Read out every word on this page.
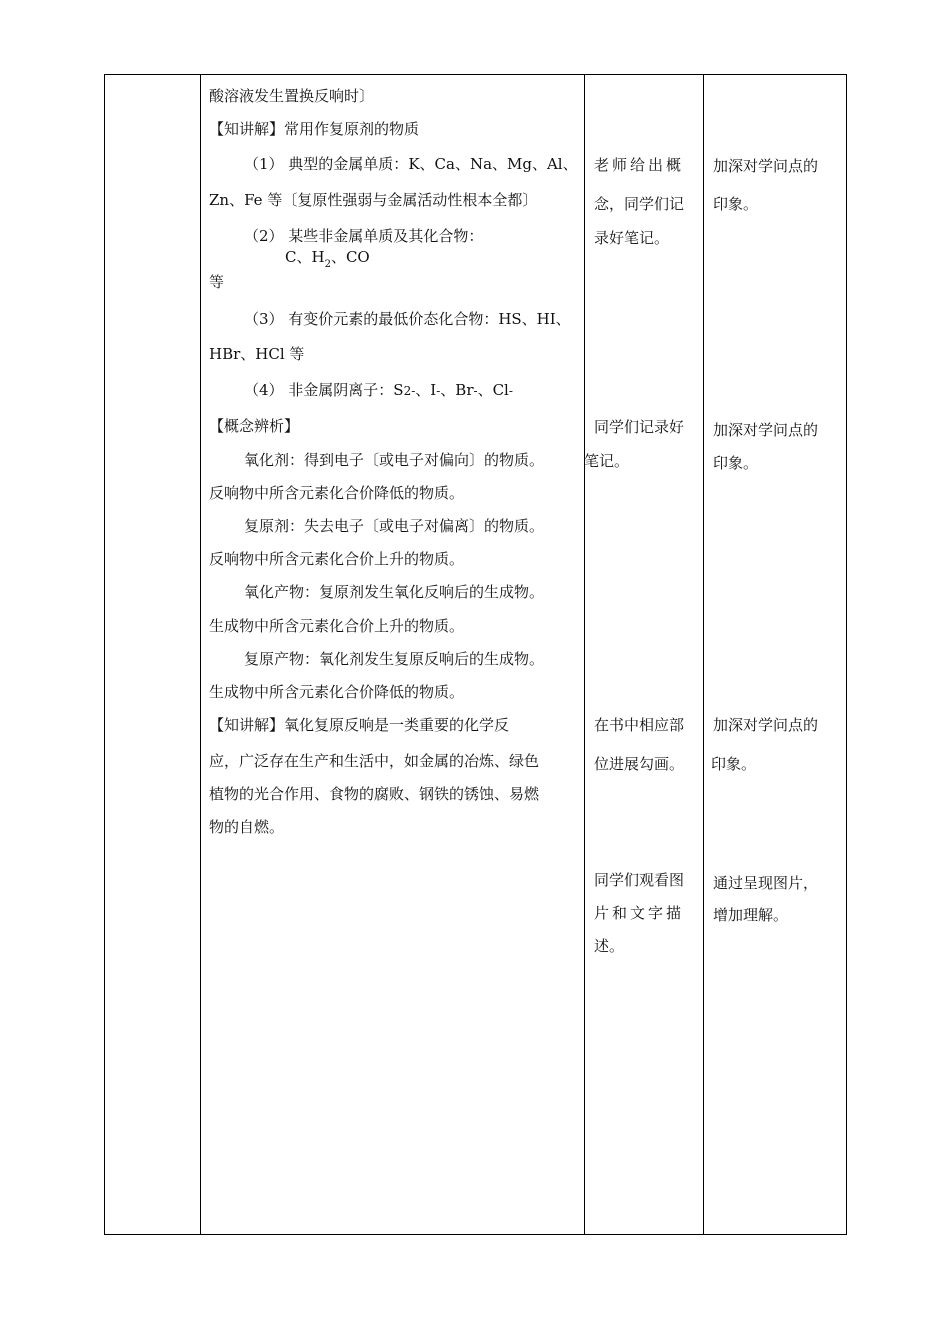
酸溶液发生置换反响时〕
【知讲解】常用作复原剂的物质
（1） 典型的金属单质：K、Ca、Na、Mg、Al、
Zn、Fe 等〔复原性强弱与金属活动性根本全都〕
（2） 某些非金属单质及其化合物：
C、$H_2$、CO
等
（3） 有变价元素的最低价态化合物：HS、HI、
HBr、HCl 等
（4） 非金属阴离子：S2-、I-、Br-、Cl-
【概念辨析】
氧化剂：得到电子〔或电子对偏向〕的物质。
反响物中所含元素化合价降低的物质。
复原剂：失去电子〔或电子对偏离〕的物质。
反响物中所含元素化合价上升的物质。
氧化产物：复原剂发生氧化反响后的生成物。
生成物中所含元素化合价上升的物质。
复原产物：氧化剂发生复原反响后的生成物。
生成物中所含元素化合价降低的物质。
【知讲解】氧化复原反响是一类重要的化学反
应，广泛存在生产和生活中，如金属的冶炼、绿色
植物的光合作用、食物的腐败、钢铁的锈蚀、易燃
物的自燃。
老师给出概
念，同学们记
录好笔记。
同学们记录好
笔记。
在书中相应部
位进展勾画。
同学们观看图
片和文字描
述。
加深对学问点的
印象。
加深对学问点的
印象。
加深对学问点的
印象。
通过呈现图片，
增加理解。
